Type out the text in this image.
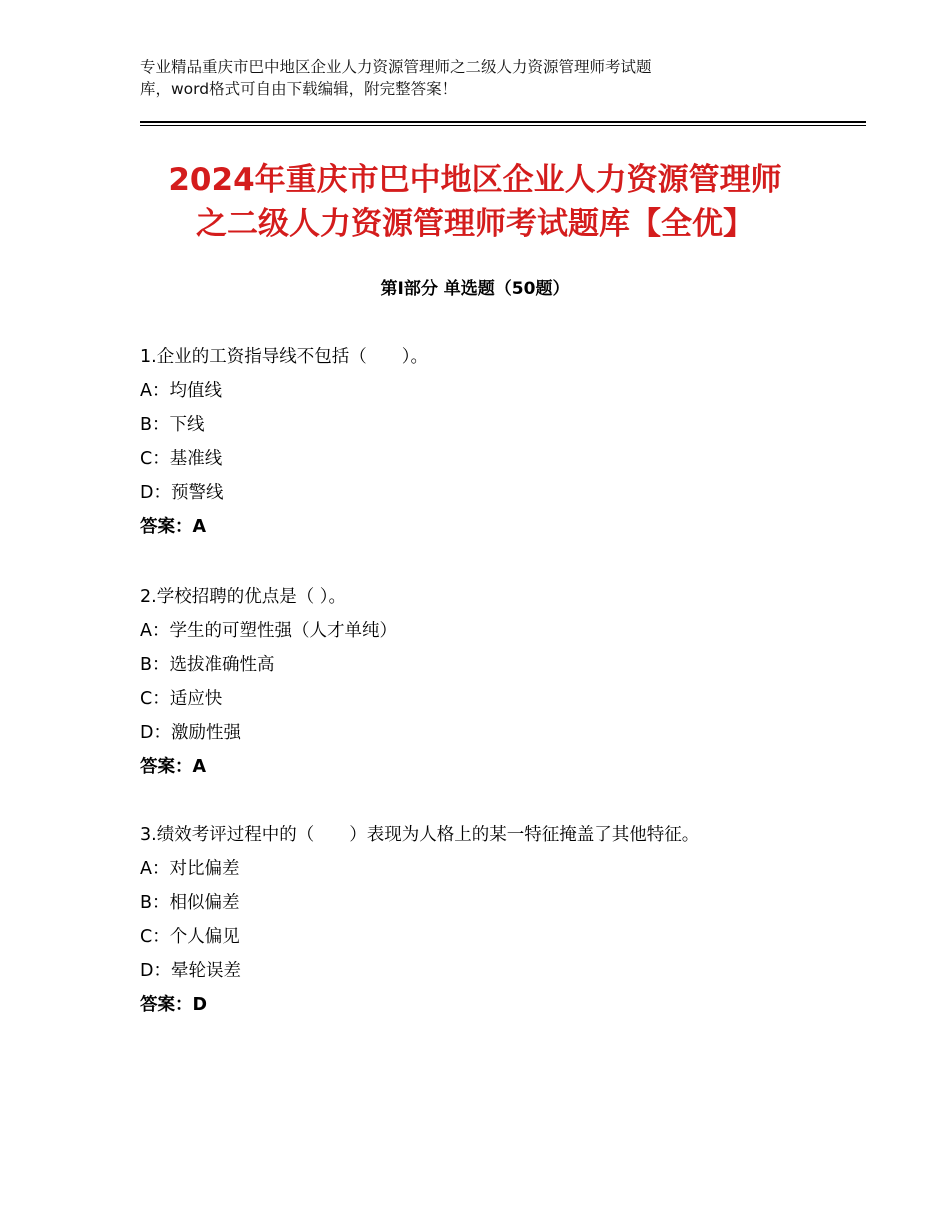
专业精品重庆市巴中地区企业人力资源管理师之二级人力资源管理师考试题
库，word格式可自由下载编辑，附完整答案！
2024年重庆市巴中地区企业人力资源管理师
之二级人力资源管理师考试题库【全优】
第Ⅰ部分 单选题（50题）
1.企业的工资指导线不包括（　　）。
A：均值线
B：下线
C：基准线
D：预警线
答案：A
2.学校招聘的优点是（ ）。
A：学生的可塑性强（人才单纯）
B：选拔准确性高
C：适应快
D：激励性强
答案：A
3.绩效考评过程中的（　　）表现为人格上的某一特征掩盖了其他特征。
A：对比偏差
B：相似偏差
C：个人偏见
D：晕轮误差
答案：D
